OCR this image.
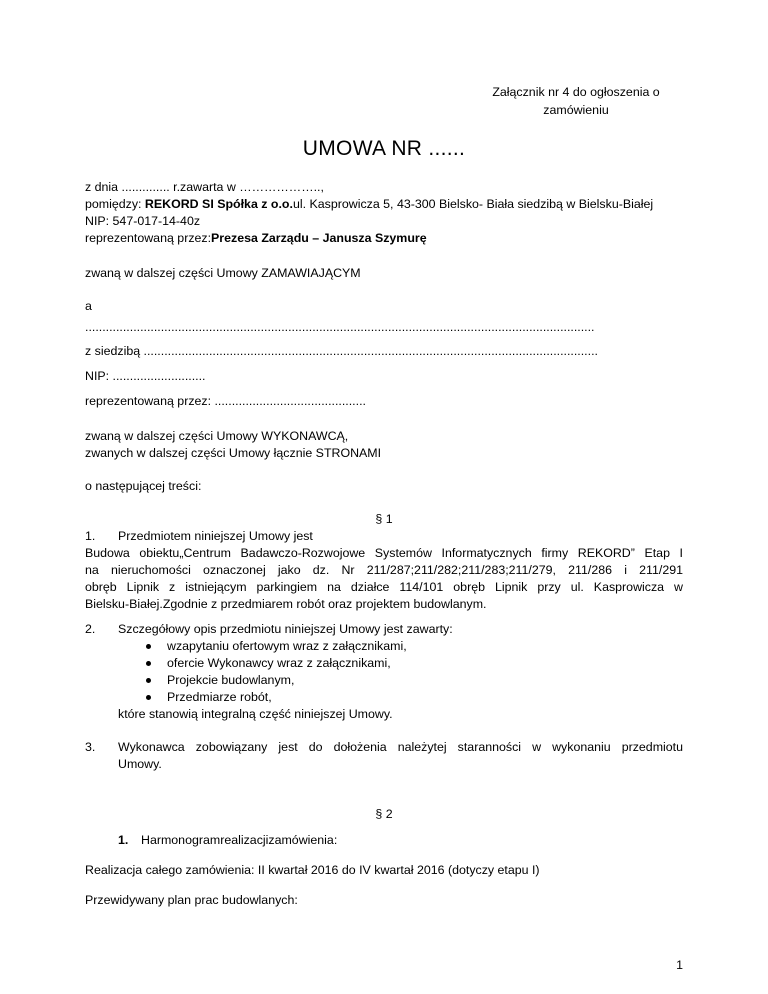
Załącznik nr 4 do ogłoszenia o
zamówieniu
UMOWA NR ......
z dnia .............. r.zawarta w ………………..,
pomiędzy: REKORD SI Spółka z o.o.ul. Kasprowicza 5, 43-300 Bielsko- Biała siedzibą w Bielsku-Białej
NIP: 547-017-14-40z
reprezentowaną przez:Prezesa Zarządu – Janusza Szymurę
zwaną w dalszej części Umowy ZAMAWIAJĄCYM
a
....................................................................................................................................................
z siedzibą ....................................................................................................................................
NIP: ...........................
reprezentowaną przez: ............................................
zwaną w dalszej części Umowy WYKONAWCĄ,
zwanych w dalszej części Umowy łącznie STRONAMI
o następującej treści:
§ 1
1. Przedmiotem niniejszej Umowy jest
Budowa obiektu„Centrum Badawczo-Rozwojowe Systemów Informatycznych firmy REKORD” Etap I
na nieruchomości oznaczonej jako dz. Nr 211/287;211/282;211/283;211/279, 211/286 i 211/291
obręb Lipnik z istniejącym parkingiem na działce 114/101 obręb Lipnik przy ul. Kasprowicza w
Bielsku-Białej.Zgodnie z przedmiarem robót oraz projektem budowlanym.
2. Szczegółowy opis przedmiotu niniejszej Umowy jest zawarty:
wzapytaniu ofertowym wraz z załącznikami,
ofercie Wykonawcy wraz z załącznikami,
Projekcie budowlanym,
Przedmiarze robót,
które stanowią integralną część niniejszej Umowy.
3. Wykonawca zobowiązany jest do dołożenia należytej staranności w wykonaniu przedmiotu
Umowy.
§ 2
1. Harmonogramrealizacjizamówienia:
Realizacja całego zamówienia: II kwartał 2016 do IV kwartał 2016 (dotyczy etapu I)
Przewidywany plan prac budowlanych:
1
